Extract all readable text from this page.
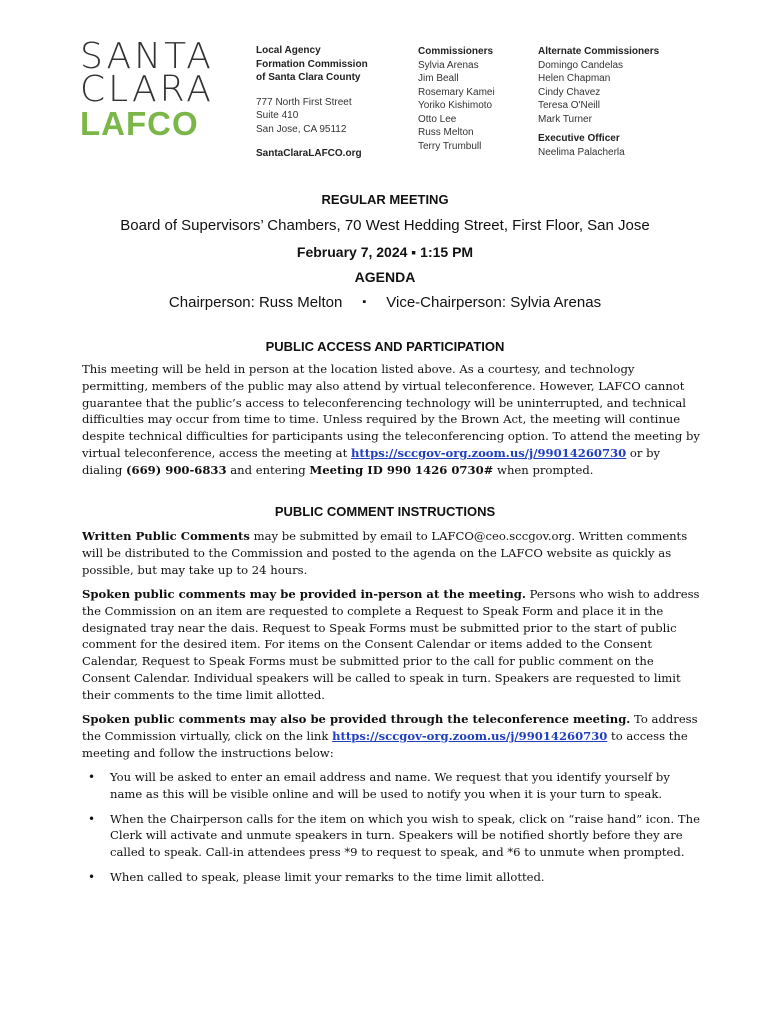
SANTA
CLARA
LAFCO
Local Agency
Formation Commission
of Santa Clara County
777 North First Street
Suite 410
San Jose, CA 95112
SantaClaraLAFCO.org
Commissioners
Sylvia Arenas
Jim Beall
Rosemary Kamei
Yoriko Kishimoto
Otto Lee
Russ Melton
Terry Trumbull
Alternate Commissioners
Domingo Candelas
Helen Chapman
Cindy Chavez
Teresa O'Neill
Mark Turner
Executive Officer
Neelima Palacherla
REGULAR MEETING
Board of Supervisors’ Chambers, 70 West Hedding Street, First Floor, San Jose
February 7, 2024 ▪ 1:15 PM
AGENDA
Chairperson: Russ Melton ▪ Vice-Chairperson: Sylvia Arenas
PUBLIC ACCESS AND PARTICIPATION
This meeting will be held in person at the location listed above. As a courtesy, and technology permitting, members of the public may also attend by virtual teleconference. However, LAFCO cannot guarantee that the public’s access to teleconferencing technology will be uninterrupted, and technical difficulties may occur from time to time. Unless required by the Brown Act, the meeting will continue despite technical difficulties for participants using the teleconferencing option. To attend the meeting by virtual teleconference, access the meeting at https://sccgov-org.zoom.us/j/99014260730 or by dialing (669) 900-6833 and entering Meeting ID 990 1426 0730# when prompted.
PUBLIC COMMENT INSTRUCTIONS
Written Public Comments may be submitted by email to LAFCO@ceo.sccgov.org. Written comments will be distributed to the Commission and posted to the agenda on the LAFCO website as quickly as possible, but may take up to 24 hours.
Spoken public comments may be provided in-person at the meeting. Persons who wish to address the Commission on an item are requested to complete a Request to Speak Form and place it in the designated tray near the dais. Request to Speak Forms must be submitted prior to the start of public comment for the desired item. For items on the Consent Calendar or items added to the Consent Calendar, Request to Speak Forms must be submitted prior to the call for public comment on the Consent Calendar. Individual speakers will be called to speak in turn. Speakers are requested to limit their comments to the time limit allotted.
Spoken public comments may also be provided through the teleconference meeting. To address the Commission virtually, click on the link https://sccgov-org.zoom.us/j/99014260730 to access the meeting and follow the instructions below:
• You will be asked to enter an email address and name. We request that you identify yourself by name as this will be visible online and will be used to notify you when it is your turn to speak.
• When the Chairperson calls for the item on which you wish to speak, click on “raise hand” icon. The Clerk will activate and unmute speakers in turn. Speakers will be notified shortly before they are called to speak. Call-in attendees press *9 to request to speak, and *6 to unmute when prompted.
• When called to speak, please limit your remarks to the time limit allotted.
